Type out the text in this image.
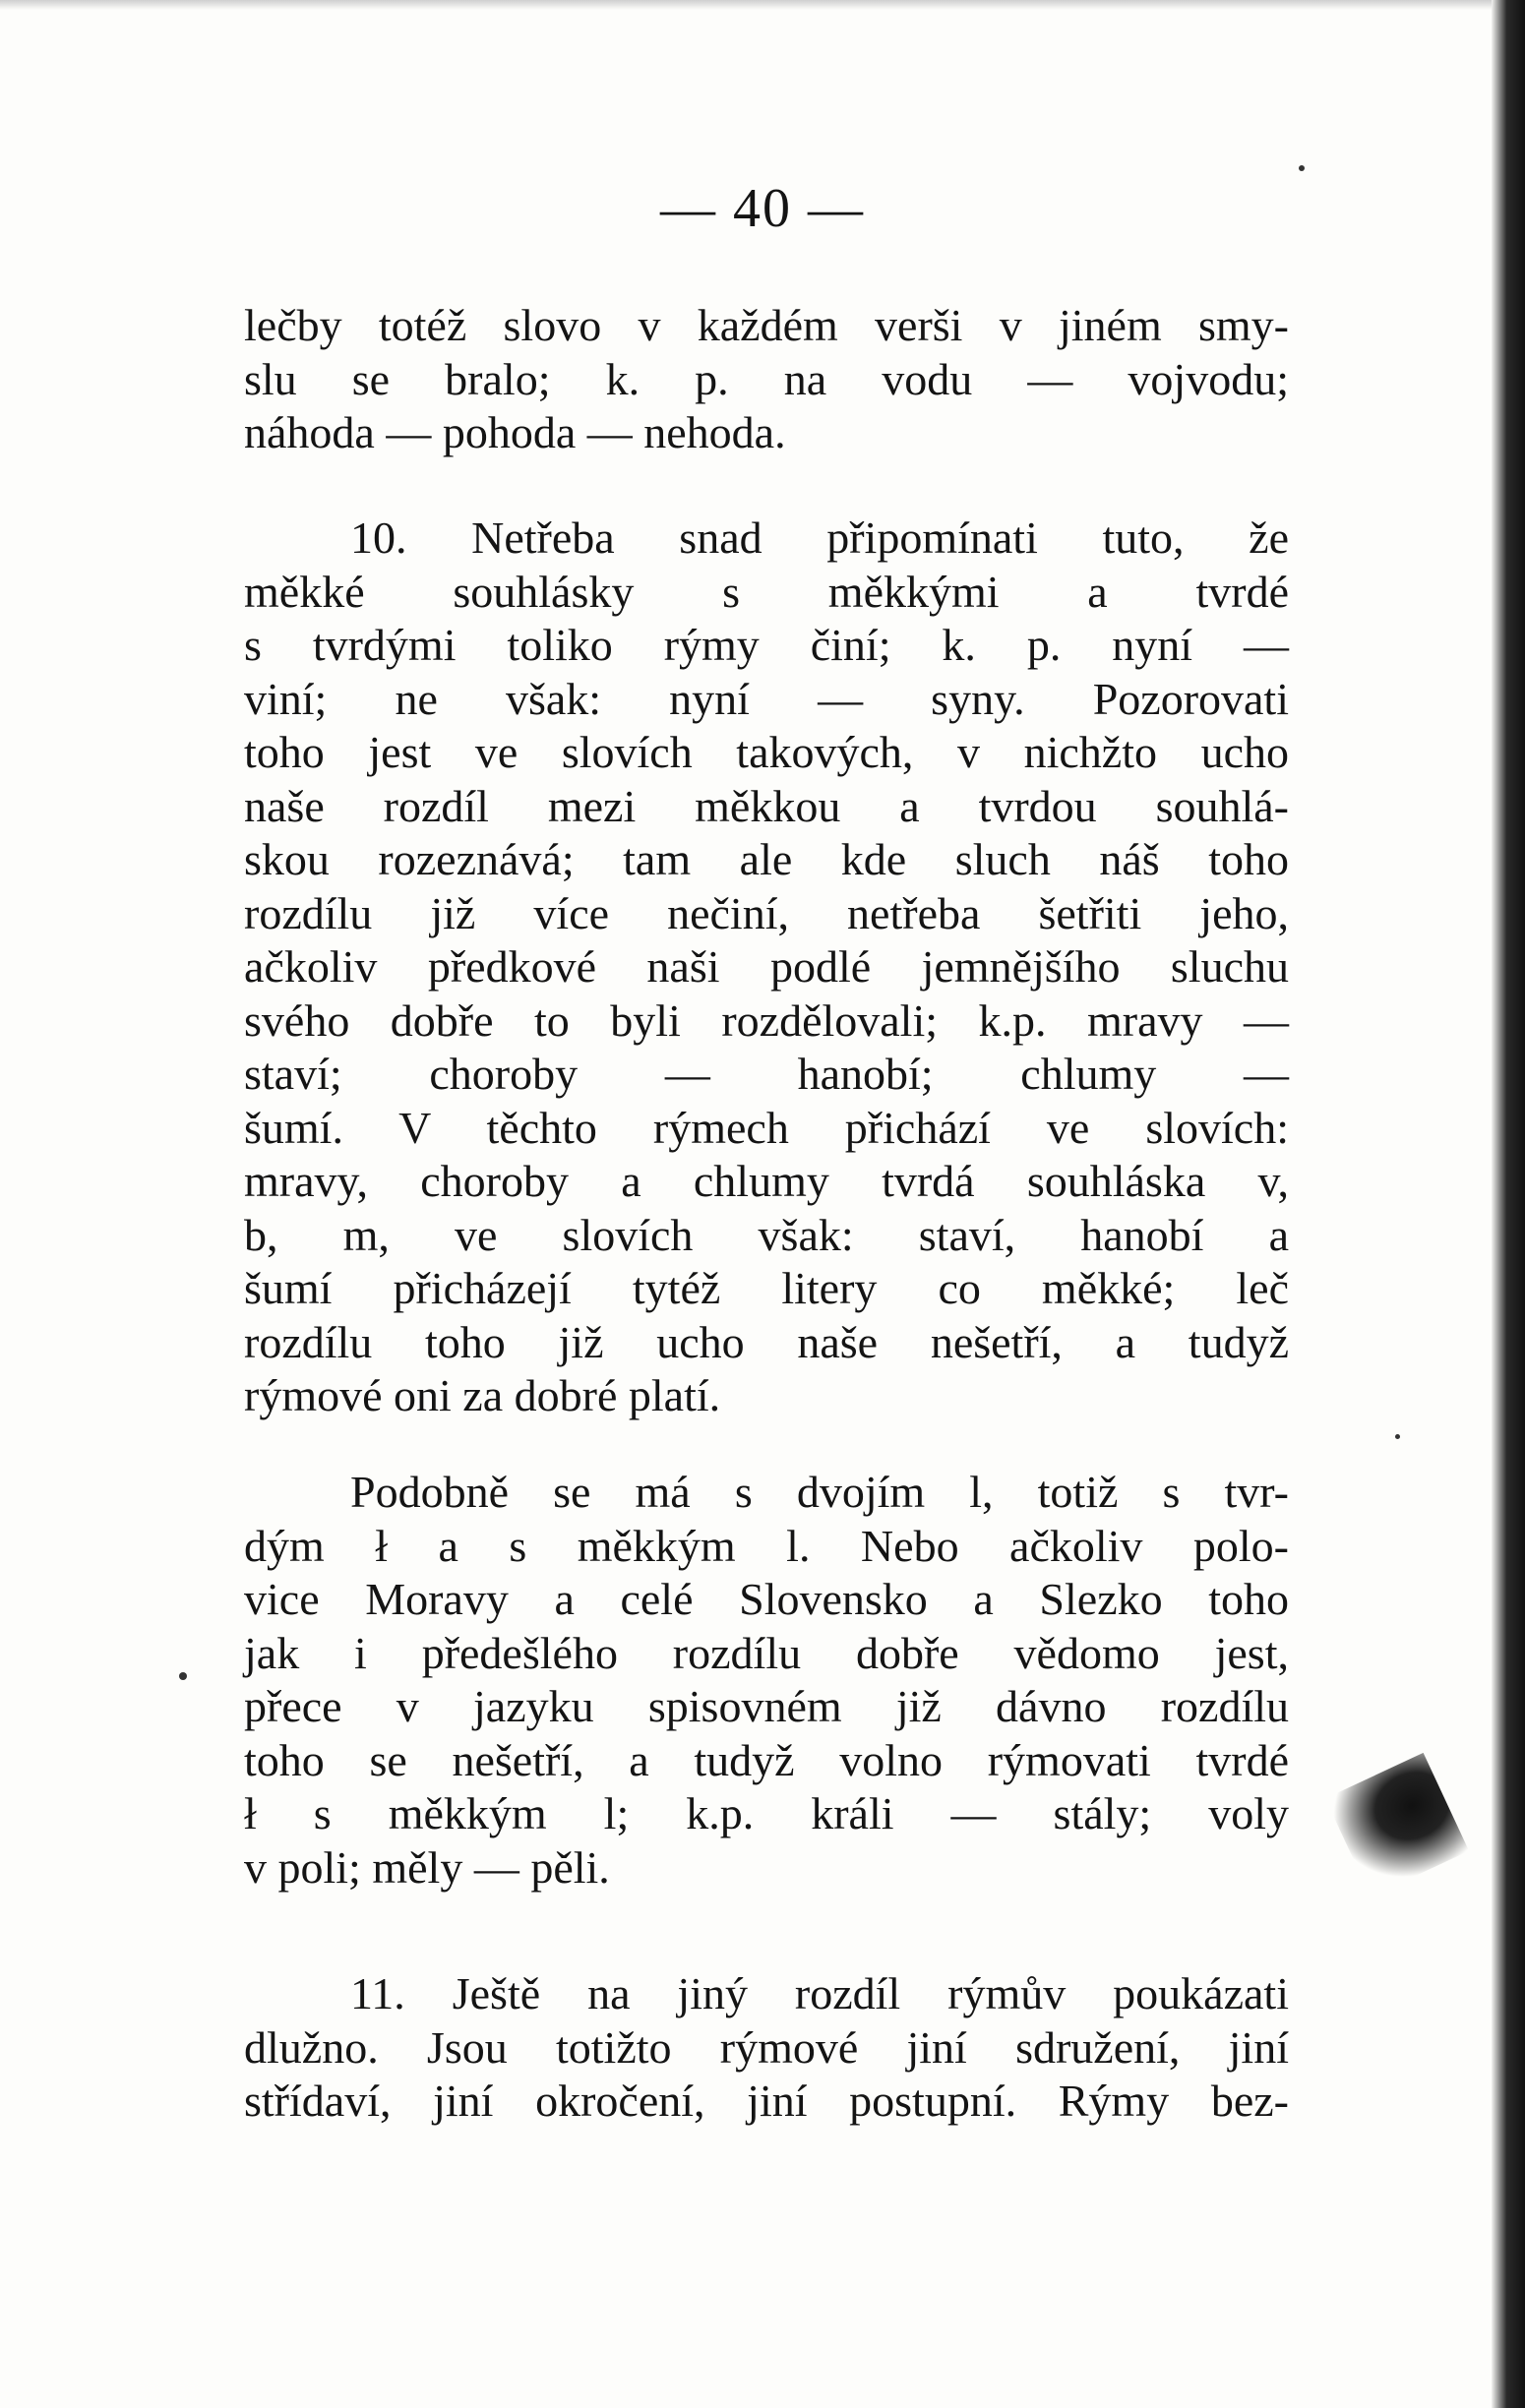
— 40 —
lečby totéž slovo v každém verši v jiném smy-
slu se bralo; k. p. na vodu — vojvodu;
náhoda — pohoda — nehoda.
10. Netřeba snad připomínati tuto, že
měkké souhlásky s měkkými a tvrdé
s tvrdými toliko rýmy činí; k. p. nyní —
viní; ne však: nyní — syny. Pozorovati
toho jest ve slovích takových, v nichžto ucho
naše rozdíl mezi měkkou a tvrdou souhlá-
skou rozeznává; tam ale kde sluch náš toho
rozdílu již více nečiní, netřeba šetřiti jeho,
ačkoliv předkové naši podlé jemnějšího sluchu
svého dobře to byli rozdělovali; k.p. mravy —
staví; choroby — hanobí; chlumy —
šumí. V těchto rýmech přichází ve slovích:
mravy, choroby a chlumy tvrdá souhláska v,
b, m, ve slovích však: staví, hanobí a
šumí přicházejí tytéž litery co měkké; leč
rozdílu toho již ucho naše nešetří, a tudyž
rýmové oni za dobré platí.
Podobně se má s dvojím l, totiž s tvr-
dým ł a s měkkým l. Nebo ačkoliv polo-
vice Moravy a celé Slovensko a Slezko toho
jak i předešlého rozdílu dobře vědomo jest,
přece v jazyku spisovném již dávno rozdílu
toho se nešetří, a tudyž volno rýmovati tvrdé
ł s měkkým l; k.p. králi — stály; voly
v poli; měly — pěli.
11. Ještě na jiný rozdíl rýmův poukázati
dlužno. Jsou totižto rýmové jiní sdružení, jiní
střídaví, jiní okročení, jiní postupní. Rýmy bez-
